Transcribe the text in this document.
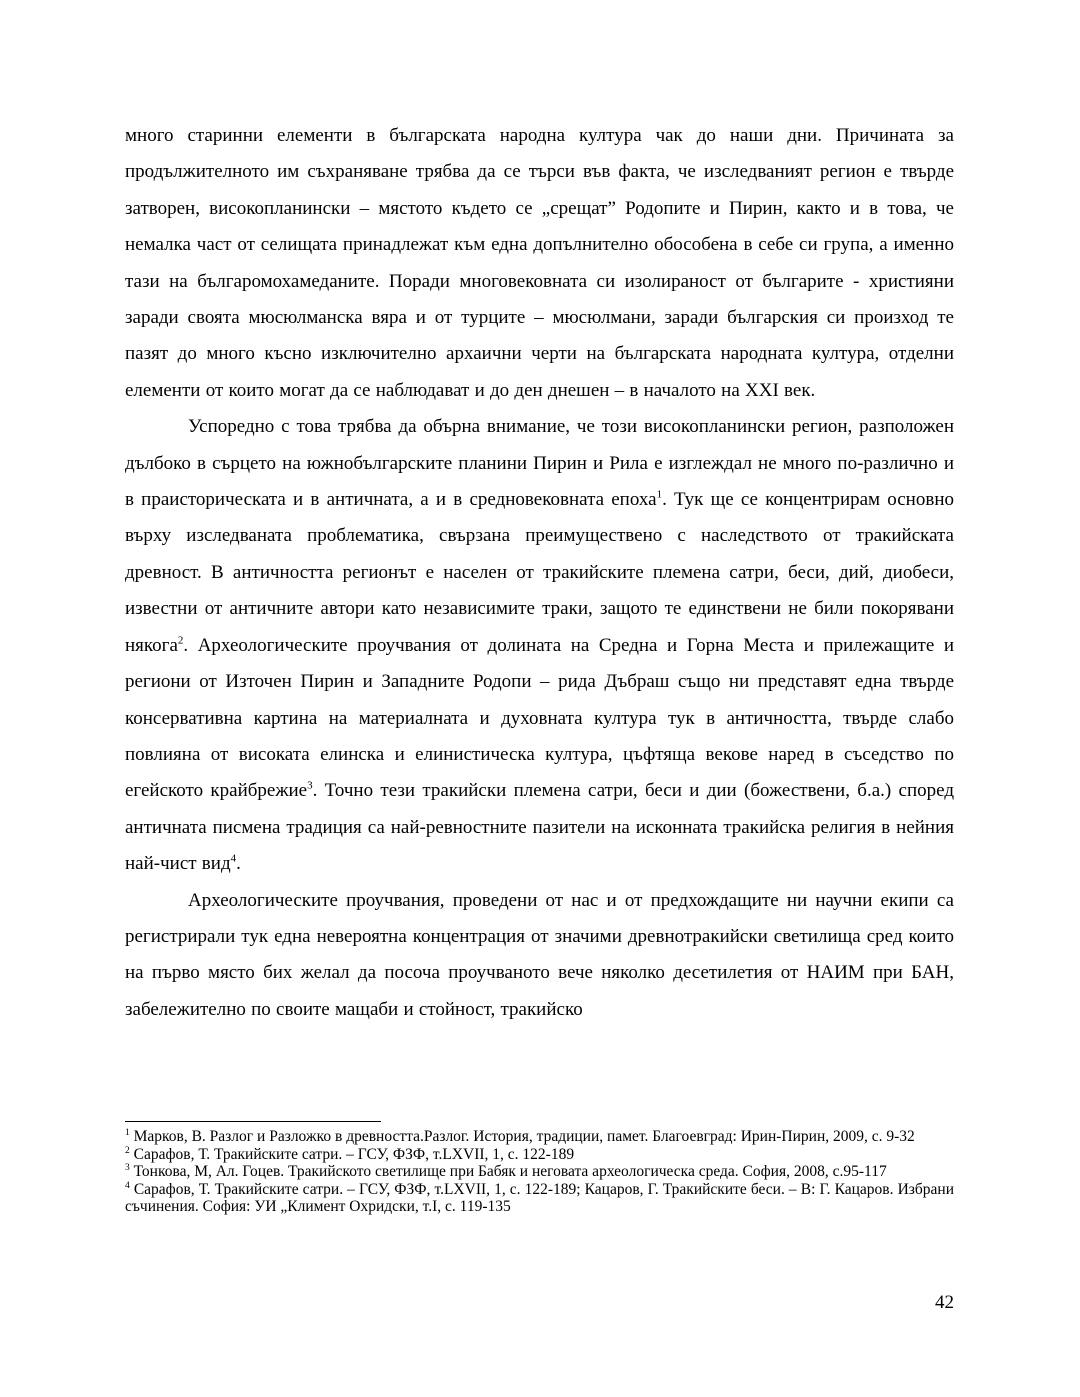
много старинни елементи в българската народна култура чак до наши дни. Причината за продължителното им съхраняване трябва да се търси във факта, че изследваният регион е твърде затворен, високопланински – мястото където се „срещат” Родопите и Пирин, както и в това, че немалка част от селищата принадлежат към една допълнително обособена в себе си група, а именно тази на българомохамеданите. Поради многовековната си изолираност от българите - християни заради своята мюсюлманска вяра и от турците – мюсюлмани, заради българския си произход те пазят до много късно изключително архаични черти на българската народната култура, отделни елементи от които могат да се наблюдават и до ден днешен – в началото на XXI век.

Успоредно с това трябва да обърна внимание, че този високопланински регион, разположен дълбоко в сърцето на южнобългарските планини Пирин и Рила е изглеждал не много по-различно и в праисторическата и в античната, а и в средновековната епоха$^1$. Тук ще се концентрирам основно върху изследваната проблематика, свързана преимуществено с наследството от тракийската древност. В античността регионът е населен от тракийските племена сатри, беси, дий, диобеси, известни от античните автори като независимите траки, защото те единствени не били покорявани някога$^2$. Археологическите проучвания от долината на Средна и Горна Места и прилежащите и региони от Източен Пирин и Западните Родопи – рида Дъбраш също ни представят една твърде консервативна картина на материалната и духовната култура тук в античността, твърде слабо повлияна от високата елинска и елинистическа култура, цъфтяща векове наред в съседство по егейското крайбрежие$^3$. Точно тези тракийски племена сатри, беси и дии (божествени, б.а.) според античната писмена традиция са най-ревностните пазители на исконната тракийска религия в нейния най-чист вид$^4$.

Археологическите проучвания, проведени от нас и от предхождащите ни научни екипи са регистрирали тук една невероятна концентрация от значими древнотракийски светилища сред които на първо място бих желал да посоча проучваното вече няколко десетилетия от НАИМ при БАН, забележително по своите мащаби и стойност, тракийско

$^1$ Марков, В. Разлог и Разложко в древността.Разлог. История, традиции, памет. Благоевград: Ирин-Пирин, 2009, с. 9-32

$^2$ Сарафов, Т. Тракийските сатри. – ГСУ, ФЗФ, т.LXVII, 1, с. 122-189

$^3$ Тонкова, М, Ал. Гоцев. Тракийското светилище при Бабяк и неговата археологическа среда. София, 2008, с.95-117

$^4$ Сарафов, Т. Тракийските сатри. – ГСУ, ФЗФ, т.LXVII, 1, с. 122-189; Кацаров, Г. Тракийските беси. – В: Г. Кацаров. Избрани съчинения. София: УИ „Климент Охридски, т.I, с. 119-135

42
